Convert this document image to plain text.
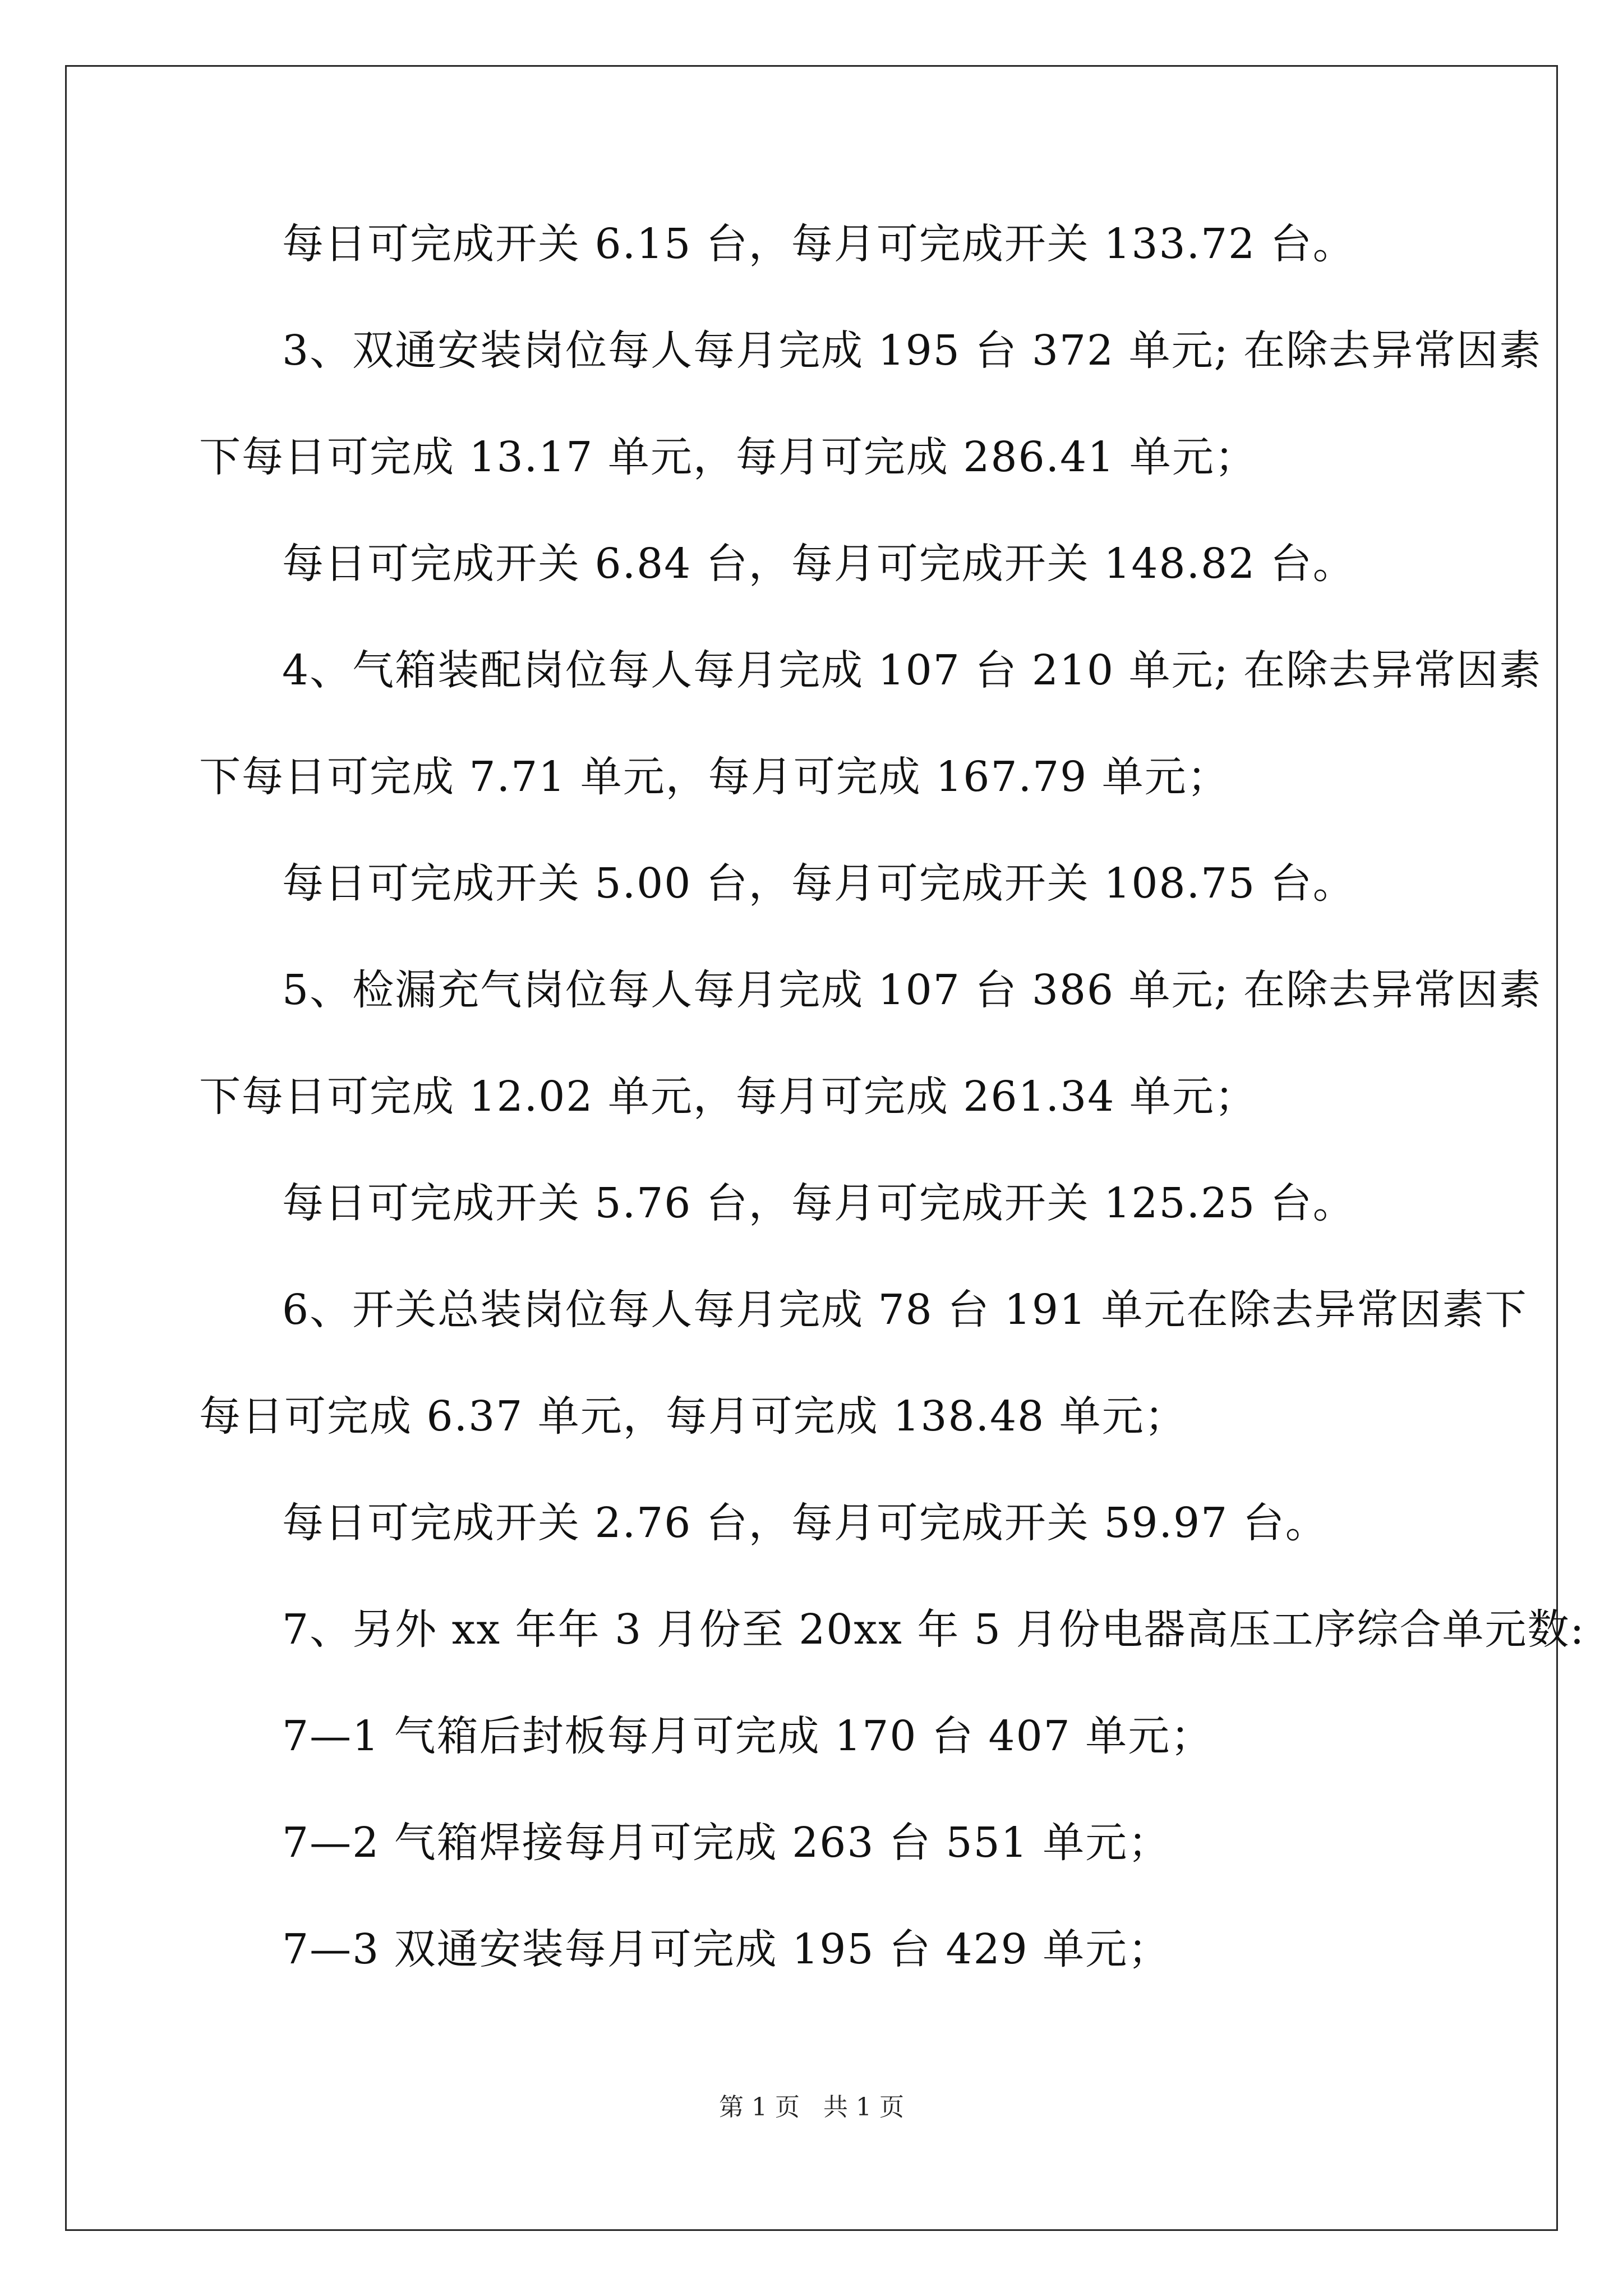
每日可完成开关 6.15 台，每月可完成开关 133.72 台。
3、双通安装岗位每人每月完成 195 台 372 单元; 在除去异常因素
下每日可完成 13.17 单元，每月可完成 286.41 单元；
每日可完成开关 6.84 台，每月可完成开关 148.82 台。
4、气箱装配岗位每人每月完成 107 台 210 单元; 在除去异常因素
下每日可完成 7.71 单元，每月可完成 167.79 单元；
每日可完成开关 5.00 台，每月可完成开关 108.75 台。
5、检漏充气岗位每人每月完成 107 台 386 单元; 在除去异常因素
下每日可完成 12.02 单元，每月可完成 261.34 单元；
每日可完成开关 5.76 台，每月可完成开关 125.25 台。
6、开关总装岗位每人每月完成 78 台 191 单元在除去异常因素下
每日可完成 6.37 单元，每月可完成 138.48 单元；
每日可完成开关 2.76 台，每月可完成开关 59.97 台。
7、另外 xx 年年 3 月份至 20xx 年 5 月份电器高压工序综合单元数:
7—1 气箱后封板每月可完成 170 台 407 单元；
7—2 气箱焊接每月可完成 263 台 551 单元；
7—3 双通安装每月可完成 195 台 429 单元；
第 1 页   共 1 页
